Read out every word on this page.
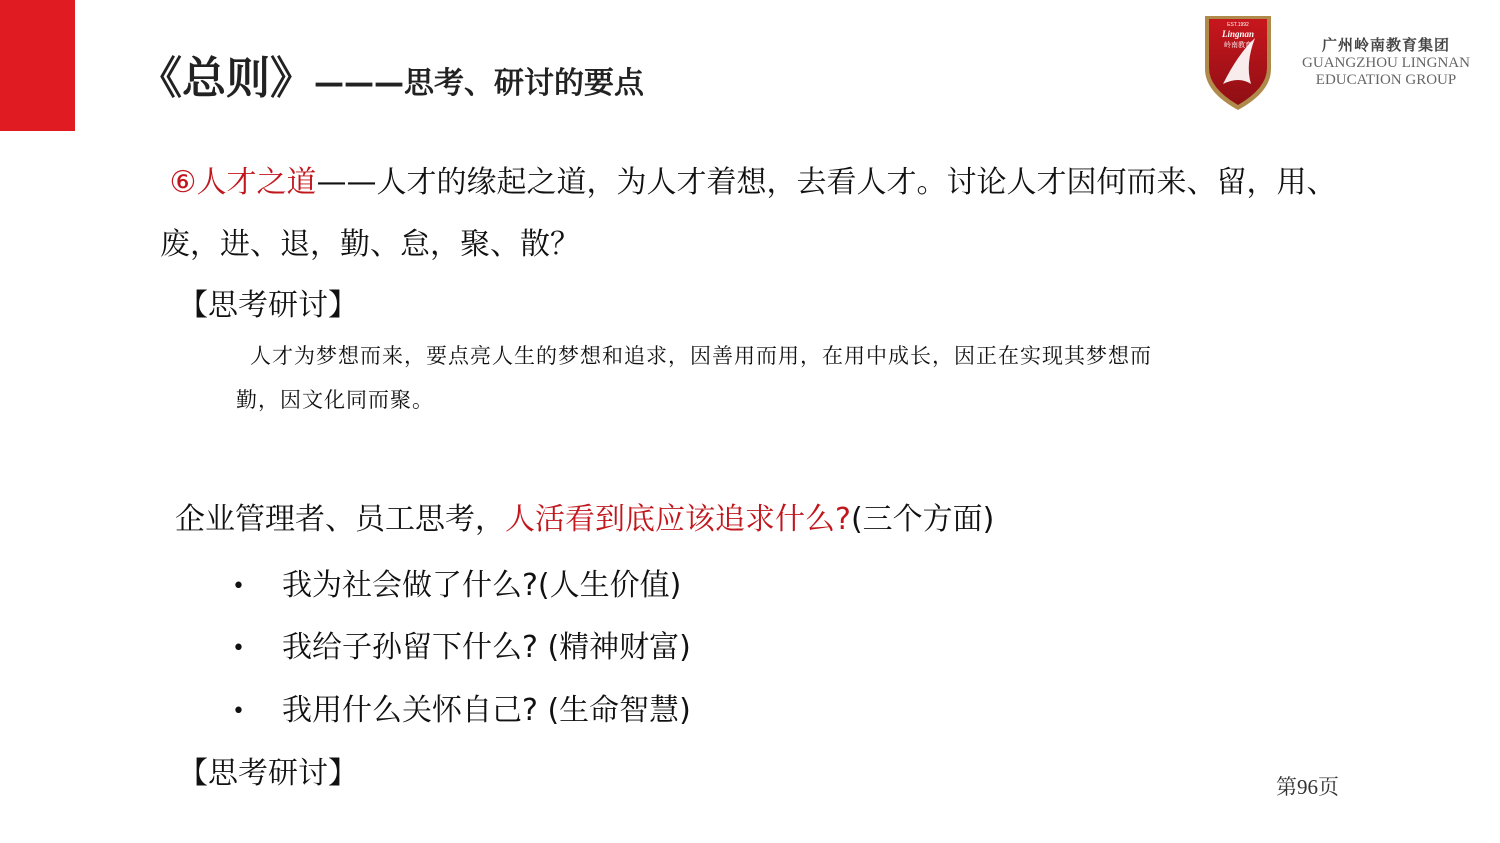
《总则》———思考、研讨的要点
EST.1992
Lingnan
岭南教育	广州岭南教育集团
GUANGZHOU LINGNAN
EDUCATION GROUP
⑥人才之道——人才的缘起之道，为人才着想，去看人才。讨论人才因何而来、留，用、废，进、退，勤、怠，聚、散？
【思考研讨】
人才为梦想而来，要点亮人生的梦想和追求，因善用而用，在用中成长，因正在实现其梦想而
勤，因文化同而聚。
企业管理者、员工思考，人活看到底应该追求什么?(三个方面)
• 我为社会做了什么?(人生价值)
• 我给子孙留下什么? (精神财富)
• 我用什么关怀自己? (生命智慧)
【思考研讨】	第96页
